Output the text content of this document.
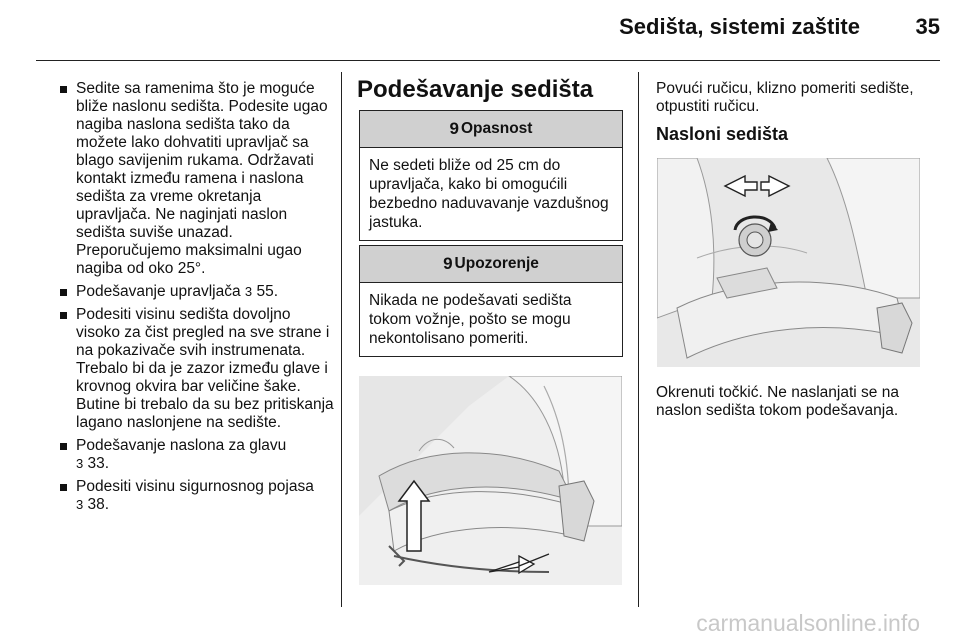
Sedišta, sistemi zaštite	35
Sedite sa ramenima što je moguće bliže naslonu sedišta. Podesite ugao nagiba naslona sedišta tako da možete lako dohvatiti upravljač sa blago savijenim rukama. Održavati kontakt između ramena i naslona sedišta za vreme okretanja upravljača. Ne naginjati naslon sedišta suviše unazad. Preporučujemo maksimalni ugao nagiba od oko 25°.
Podešavanje upravljača 3 55.
Podesiti visinu sedišta dovoljno visoko za čist pregled na sve strane i na pokazivače svih instrumenata. Trebalo bi da je zazor između glave i krovnog okvira bar veličine šake. Butine bi trebalo da su bez pritiskanja lagano naslonjene na sedište.
Podešavanje naslona za glavu
3 33.
Podesiti visinu sigurnosnog pojasa
3 38.
Podešavanje sedišta
9 Opasnost
Ne sedeti bliže od 25 cm do upravljača, kako bi omogućili bezbedno naduvavanje vazdušnog jastuka.
9 Upozorenje
Nikada ne podešavati sedišta tokom vožnje, pošto se mogu nekontolisano pomeriti.
Povući ručicu, klizno pomeriti sedište, otpustiti ručicu.
Nasloni sedišta
Okrenuti točkić. Ne naslanjati se na naslon sedišta tokom podešavanja.
carmanualsonline.info
